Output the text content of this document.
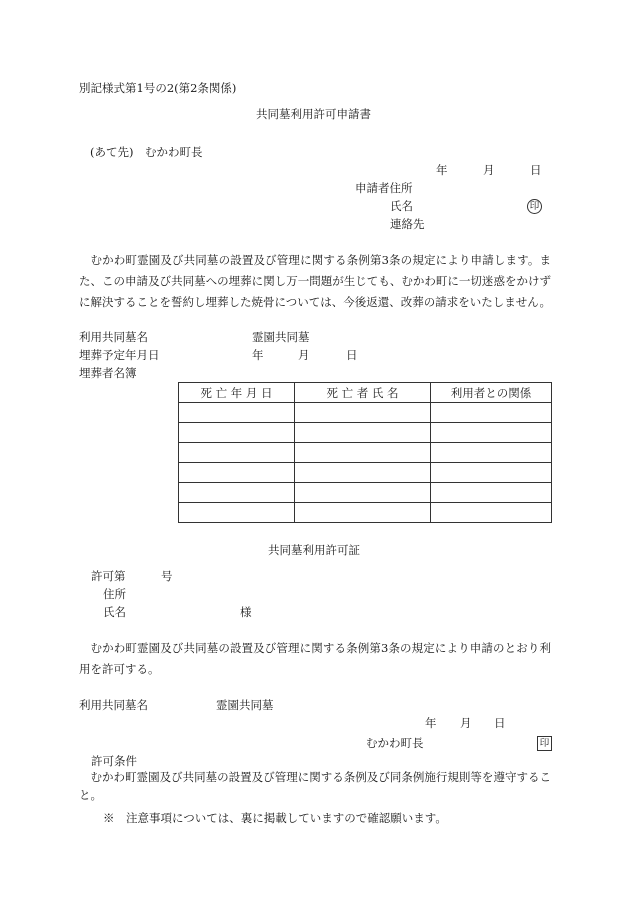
別記様式第1号の2(第2条関係)
共同墓利用許可申請書
(あて先)　むかわ町長
年	月	日
申請者住所
氏名	印
連絡先

むかわ町霊園及び共同墓の設置及び管理に関する条例第3条の規定により申請します。また、この申請及び共同墓への埋葬に関し万一問題が生じても、むかわ町に一切迷惑をかけずに解決することを誓約し埋葬した焼骨については、今後返還、改葬の請求をいたしません。

利用共同墓名	霊園共同墓
埋葬予定年月日	年	月	日
埋葬者名簿
死 亡 年 月 日	死 亡 者 氏 名	利用者との関係

共同墓利用許可証
許可第	号
住所
氏名	様

むかわ町霊園及び共同墓の設置及び管理に関する条例第3条の規定により申請のとおり利用を許可する。

利用共同墓名	霊園共同墓
年 月 日
むかわ町長	印
許可条件

むかわ町霊園及び共同墓の設置及び管理に関する条例及び同条例施行規則等を遵守すること。

※　注意事項については、裏に掲載していますので確認願います。
